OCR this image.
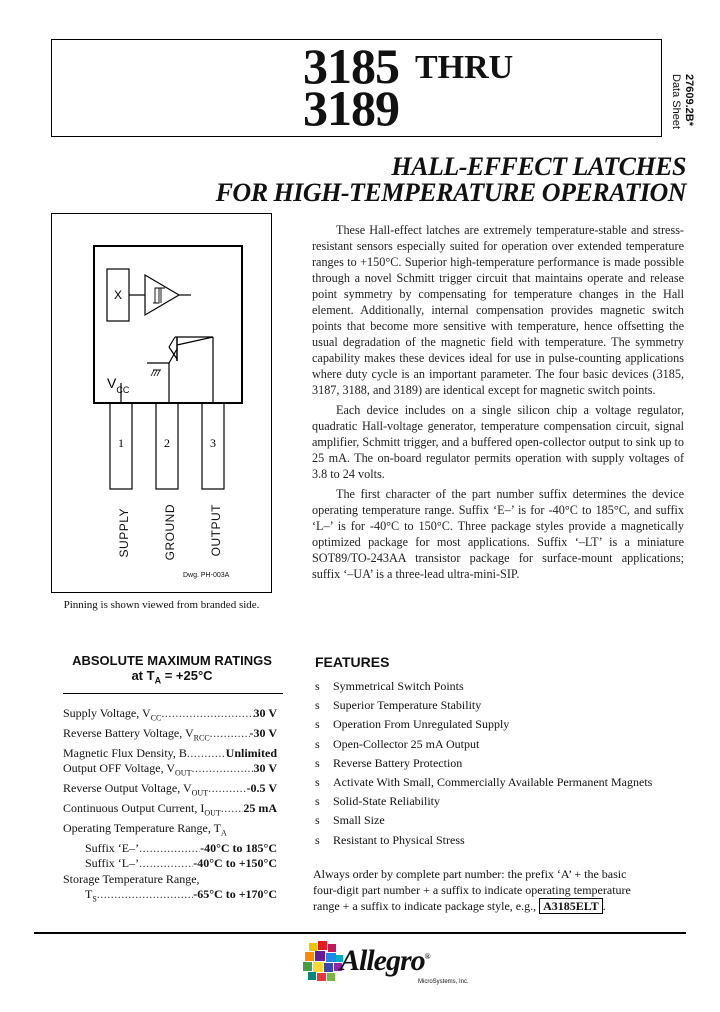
3185 THRU
3189	Data Sheet 27609.2B*
HALL-EFFECT LATCHES
FOR HIGH-TEMPERATURE OPERATION

These Hall-effect latches are extremely temperature-stable and stress-resistant sensors especially suited for operation over extended temperature ranges to +150°C. Superior high-temperature performance is made possible through a novel Schmitt trigger circuit that maintains operate and release point symmetry by compensating for temperature changes in the Hall element. Additionally, internal compensation provides magnetic switch points that become more sensitive with temperature, hence offsetting the usual degradation of the magnetic field with temperature. The symmetry capability makes these devices ideal for use in pulse-counting applications where duty cycle is an important parameter. The four basic devices (3185, 3187, 3188, and 3189) are identical except for magnetic switch points.

Each device includes on a single silicon chip a voltage regulator, quadratic Hall-voltage generator, temperature compensation circuit, signal amplifier, Schmitt trigger, and a buffered open-collector output to sink up to 25 mA. The on-board regulator permits operation with supply voltages of 3.8 to 24 volts.

The first character of the part number suffix determines the device operating temperature range. Suffix ‘E–’ is for -40°C to 185°C, and suffix ‘L–’ is for -40°C to 150°C. Three package styles provide a magnetically optimized package for most applications. Suffix ‘–LT’ is a miniature SOT89/TO-243AA transistor package for surface-mount applications; suffix ‘–UA’ is a three-lead ultra-mini-SIP.

X
$V_{CC}$
1	2	3
SUPPLY	GROUND	OUTPUT
Dwg. PH-003A
Pinning is shown viewed from branded side.
ABSOLUTE MAXIMUM RATINGS
at $T_A = +25^\circ C$
Supply Voltage, $V_{CC}$ .....	30 V
Reverse Battery Voltage, $V_{RCC}$ .....	-30 V
Magnetic Flux Density, B .....	Unlimited
Output OFF Voltage, $V_{OUT}$ .....	30 V
Reverse Output Voltage, $V_{OUT}$ .....	-0.5 V
Continuous Output Current, $I_{OUT}$ ..... 25 mA
Operating Temperature Range, $T_A$
Suffix ‘E–’ .....	-40°C to 185°C
Suffix ‘L–’ .....	-40°C to +150°C
Storage Temperature Range,
$T_S$ .....	-65°C to +170°C
FEATURES
s	Symmetrical Switch Points
s	Superior Temperature Stability
s	Operation From Unregulated Supply
s	Open-Collector 25 mA Output
s	Reverse Battery Protection
s	Activate With Small, Commercially Available Permanent Magnets
s	Solid-State Reliability
s	Small Size
s	Resistant to Physical Stress
Always order by complete part number: the prefix ‘A’ + the basic four-digit part number + a suffix to indicate operating temperature range + a suffix to indicate package style, e.g., A3185ELT .
Allegro®
MicroSystems, Inc.
